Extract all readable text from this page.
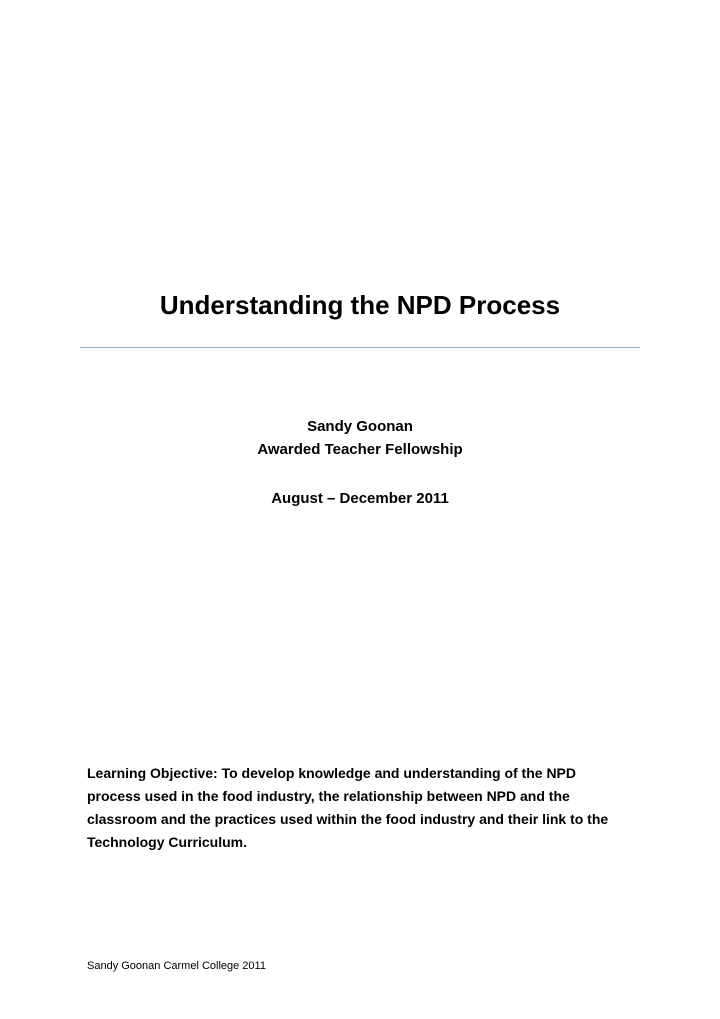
Understanding the NPD Process
Sandy Goonan
Awarded Teacher Fellowship
August – December 2011
Learning Objective: To develop knowledge and understanding of the NPD process used in the food industry, the relationship between NPD and the classroom and the practices used within the food industry and their link to the Technology Curriculum.
Sandy Goonan Carmel College 2011
